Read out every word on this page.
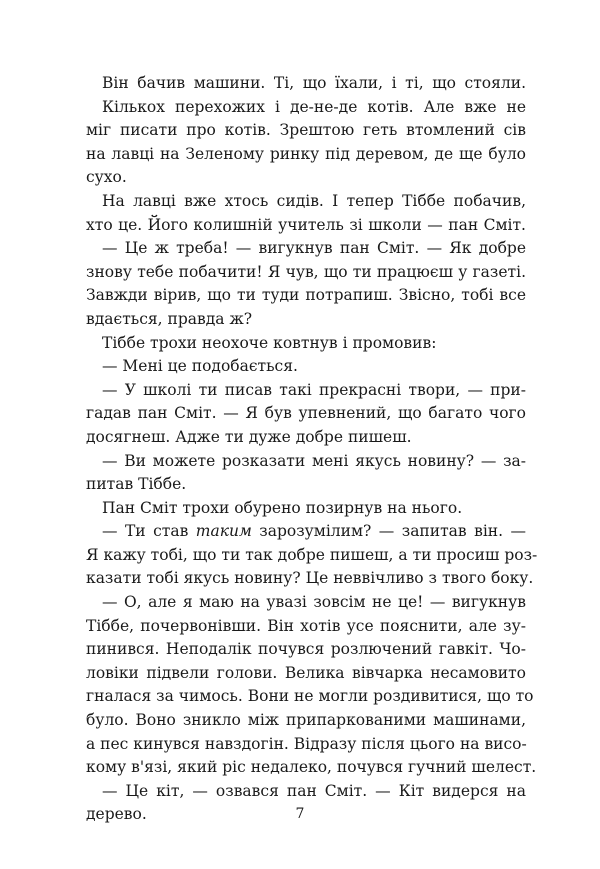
Він бачив машини. Ті, що їхали, і ті, що стояли.
Кількох перехожих і де-не-де котів. Але вже не
міг писати про котів. Зрештою геть втомлений сів
на лавці на Зеленому ринку під деревом, де ще було
сухо.
На лавці вже хтось сидів. І тепер Тіббе побачив,
хто це. Його колишній учитель зі школи — пан Сміт.
— Це ж треба! — вигукнув пан Сміт. — Як добре
знову тебе побачити! Я чув, що ти працюєш у газеті.
Завжди вірив, що ти туди потрапиш. Звісно, тобі все
вдається, правда ж?
Тіббе трохи неохоче ковтнув і промовив:
— Мені це подобається.
— У школі ти писав такі прекрасні твори, — при-
гадав пан Сміт. — Я був упевнений, що багато чого
досягнеш. Адже ти дуже добре пишеш.
— Ви можете розказати мені якусь новину? — за-
питав Тіббе.
Пан Сміт трохи обурено позирнув на нього.
— Ти став таким зарозумілим? — запитав він. —
Я кажу тобі, що ти так добре пишеш, а ти просиш роз-
казати тобі якусь новину? Це неввічливо з твого боку.
— О, але я маю на увазі зовсім не це! — вигукнув
Тіббе, почервонівши. Він хотів усе пояснити, але зу-
пинився. Неподалік почувся розлючений гавкіт. Чо-
ловіки підвели голови. Велика вівчарка несамовито
гналася за чимось. Вони не могли роздивитися, що то
було. Воно зникло між припаркованими машинами,
а пес кинувся навздогін. Відразу після цього на висо-
кому в'язі, який ріс недалеко, почувся гучний шелест.
— Це кіт, — озвався пан Сміт. — Кіт видерся на
дерево.	7
